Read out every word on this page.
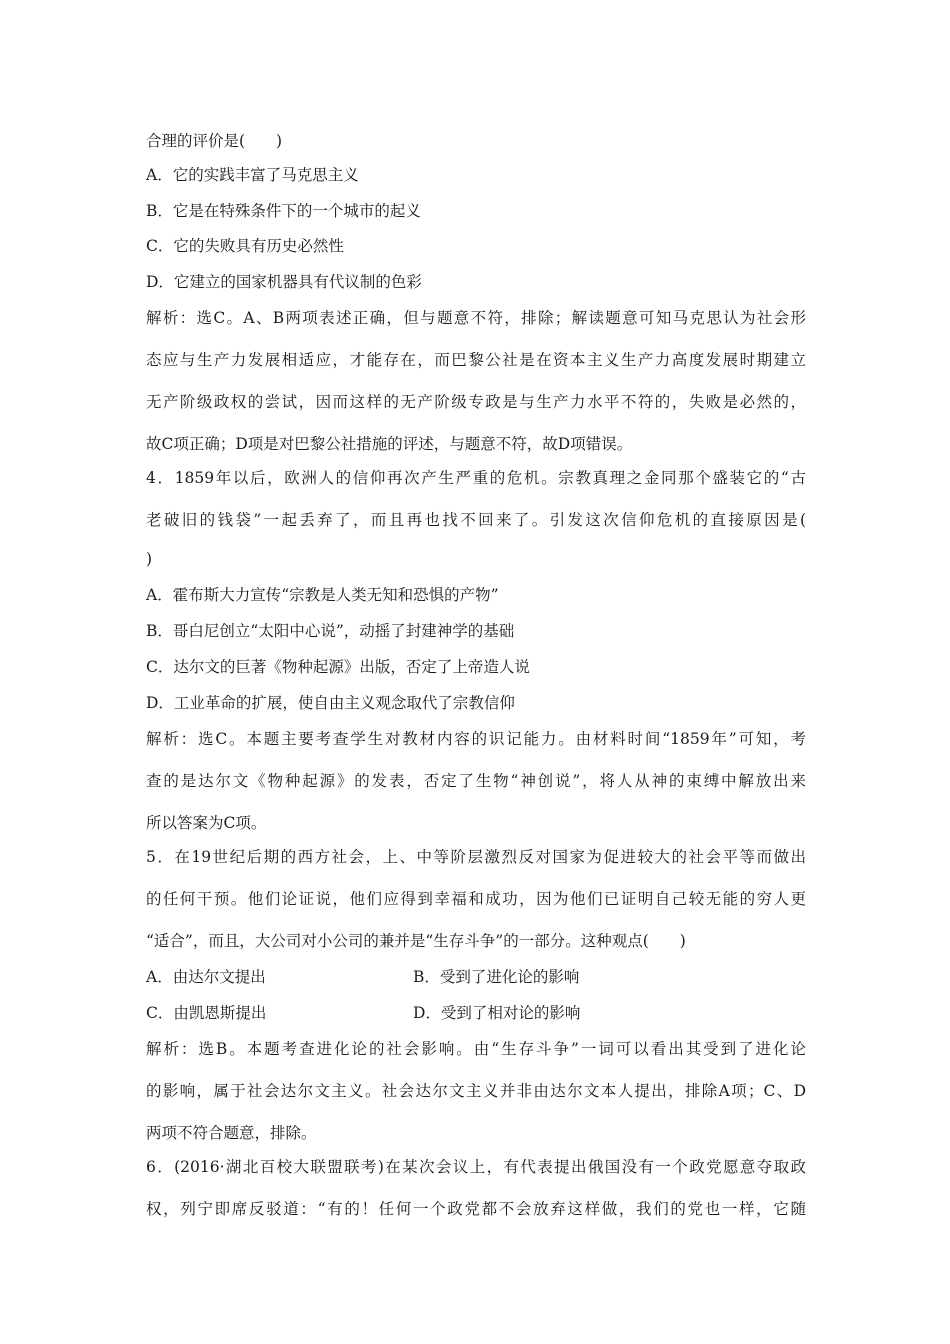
合理的评价是(　　)
A．它的实践丰富了马克思主义
B．它是在特殊条件下的一个城市的起义
C．它的失败具有历史必然性
D．它建立的国家机器具有代议制的色彩
解析：选C。A、B两项表述正确，但与题意不符，排除；解读题意可知马克思认为社会形
态应与生产力发展相适应，才能存在，而巴黎公社是在资本主义生产力高度发展时期建立
无产阶级政权的尝试，因而这样的无产阶级专政是与生产力水平不符的，失败是必然的，
故C项正确；D项是对巴黎公社措施的评述，与题意不符，故D项错误。
4．1859年以后，欧洲人的信仰再次产生严重的危机。宗教真理之金同那个盛装它的“古
老破旧的钱袋”一起丢弃了，而且再也找不回来了。引发这次信仰危机的直接原因是(
)
A．霍布斯大力宣传“宗教是人类无知和恐惧的产物”
B．哥白尼创立“太阳中心说”，动摇了封建神学的基础
C．达尔文的巨著《物种起源》出版，否定了上帝造人说
D．工业革命的扩展，使自由主义观念取代了宗教信仰
解析：选C。本题主要考查学生对教材内容的识记能力。由材料时间“1859年”可知，考
查的是达尔文《物种起源》的发表，否定了生物“神创说”，将人从神的束缚中解放出来
所以答案为C项。
5．在19世纪后期的西方社会，上、中等阶层激烈反对国家为促进较大的社会平等而做出
的任何干预。他们论证说，他们应得到幸福和成功，因为他们已证明自己较无能的穷人更
“适合”，而且，大公司对小公司的兼并是“生存斗争”的一部分。这种观点(　　)
A．由达尔文提出	B．受到了进化论的影响
C．由凯恩斯提出	D．受到了相对论的影响
解析：选B。本题考查进化论的社会影响。由“生存斗争”一词可以看出其受到了进化论
的影响，属于社会达尔文主义。社会达尔文主义并非由达尔文本人提出，排除A项；C、D
两项不符合题意，排除。
6．(2016·湖北百校大联盟联考)在某次会议上，有代表提出俄国没有一个政党愿意夺取政
权，列宁即席反驳道：“有的！任何一个政党都不会放弃这样做，我们的党也一样，它随
